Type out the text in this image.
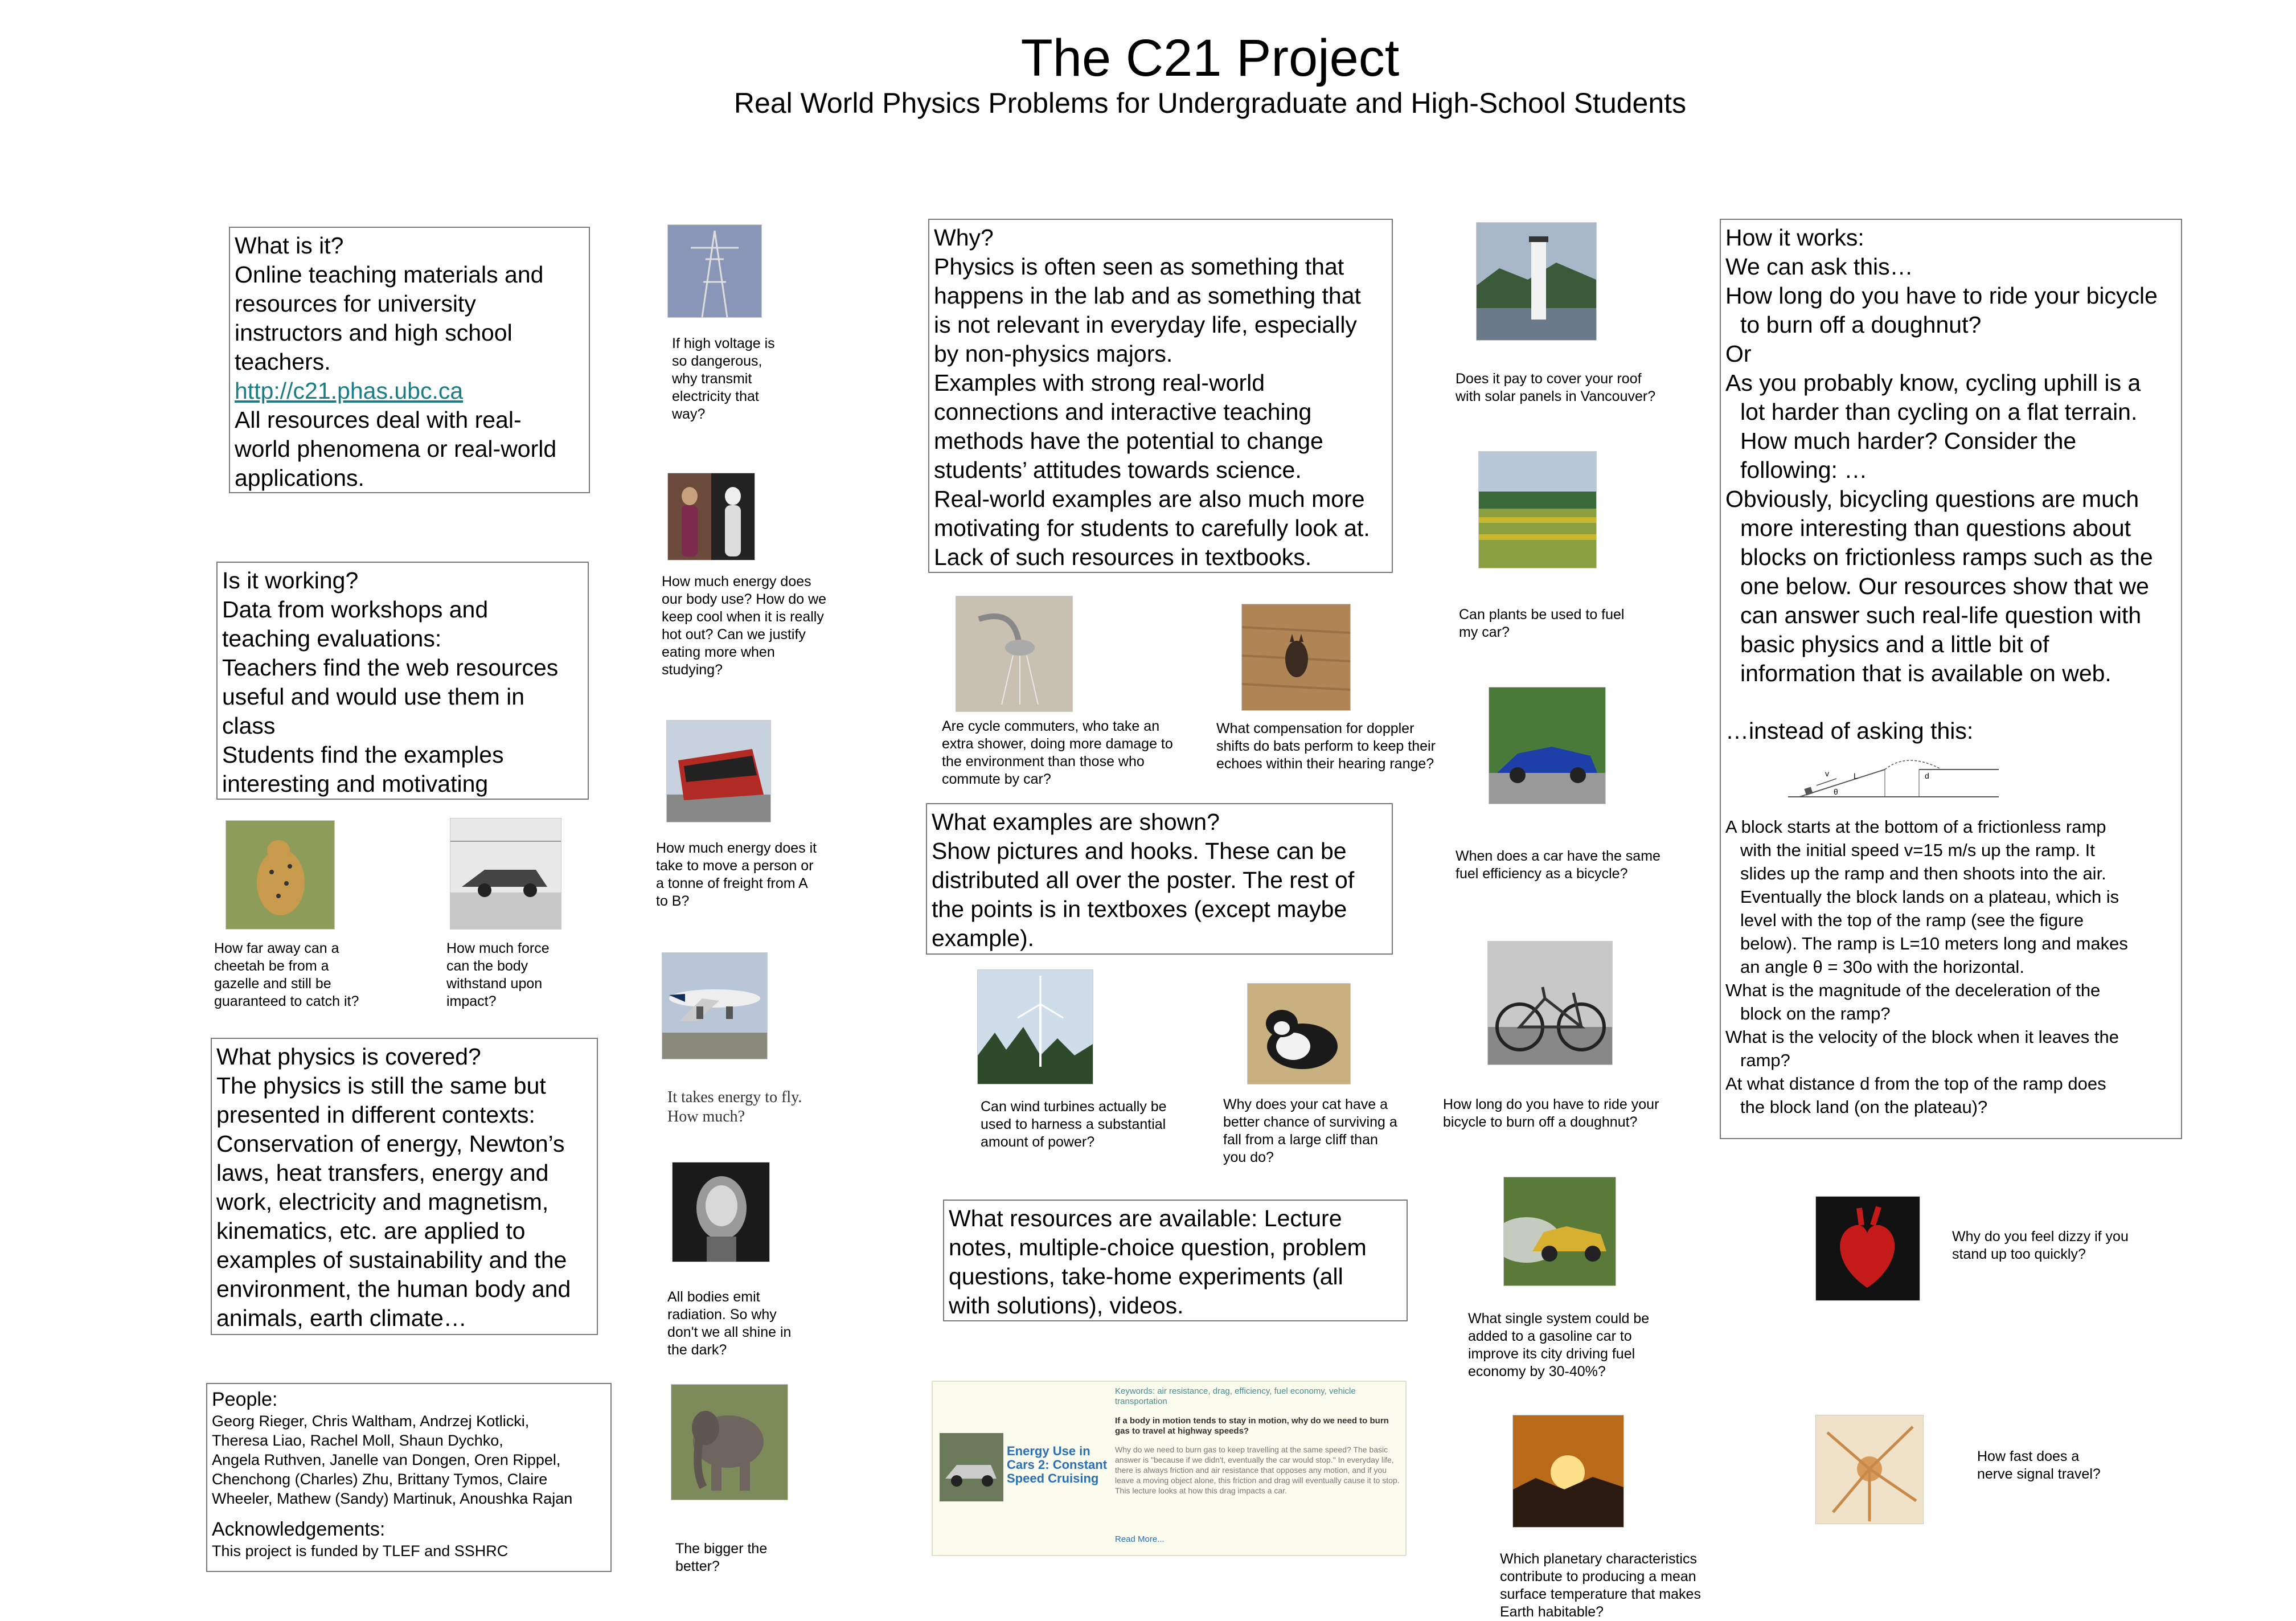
The C21 Project
Real World Physics Problems for Undergraduate and High-School Students
What is it?
Online teaching materials and
resources for university
instructors and high school
teachers.
http://c21.phas.ubc.ca
All resources deal with real-
world phenomena or real-world
applications.
Is it working?
Data from workshops and
teaching evaluations:
Teachers find the web resources
useful and would use them in
class
Students find the examples
interesting and motivating
What physics is covered?
The physics is still the same but
presented in different contexts:
Conservation of energy, Newton’s
laws, heat transfers, energy and
work, electricity and magnetism,
kinematics, etc. are applied to
examples of sustainability and the
environment, the human body and
animals, earth climate…
People:
Georg Rieger, Chris Waltham, Andrzej Kotlicki,
Theresa Liao, Rachel Moll, Shaun Dychko,
Angela Ruthven, Janelle van Dongen, Oren Rippel,
Chenchong (Charles) Zhu, Brittany Tymos, Claire
Wheeler, Mathew (Sandy) Martinuk, Anoushka Rajan
Acknowledgements:
This project is funded by TLEF and SSHRC
Why?
Physics is often seen as something that
happens in the lab and as something that
is not relevant in everyday life, especially
by non-physics majors.
Examples with strong real-world
connections and interactive teaching
methods have the potential to change
students’ attitudes towards science.
Real-world examples are also much more
motivating for students to carefully look at.
Lack of such resources in textbooks.
What examples are shown?
Show pictures and hooks. These can be
distributed all over the poster. The rest of
the points is in textboxes (except maybe
example).
What resources are available: Lecture
notes, multiple-choice question, problem
questions, take-home experiments (all
with solutions), videos.
How it works:
We can ask this…
How long do you have to ride your bicycle
to burn off a doughnut?
Or
As you probably know, cycling uphill is a
lot harder than cycling on a flat terrain.
How much harder? Consider the
following: …
Obviously, bicycling questions are much
more interesting than questions about
blocks on frictionless ramps such as the
one below. Our resources show that we
can answer such real-life question with
basic physics and a little bit of
information that is available on web.
…instead of asking this:
v	L
θ
d
A block starts at the bottom of a frictionless ramp
with the initial speed v=15 m/s up the ramp. It
slides up the ramp and then shoots into the air.
Eventually the block lands on a plateau, which is
level with the top of the ramp (see the figure
below). The ramp is L=10 meters long and makes
an angle θ = 30o with the horizontal.
What is the magnitude of the deceleration of the
block on the ramp?
What is the velocity of the block when it leaves the
ramp?
At what distance d from the top of the ramp does
the block land (on the plateau)?
If high voltage is
so dangerous,
why transmit
electricity that
way?
How much energy does
our body use? How do we
keep cool when it is really
hot out? Can we justify
eating more when
studying?
How much energy does it
take to move a person or
a tonne of freight from A
to B?
It takes energy to fly.
How much?
All bodies emit
radiation. So why
don't we all shine in
the dark?
The bigger the
better?
How far away can a
cheetah be from a
gazelle and still be
guaranteed to catch it?
How much force
can the body
withstand upon
impact?
Are cycle commuters, who take an
extra shower, doing more damage to
the environment than those who
commute by car?
What compensation for doppler
shifts do bats perform to keep their
echoes within their hearing range?
Can wind turbines actually be
used to harness a substantial
amount of power?
Why does your cat have a
better chance of surviving a
fall from a large cliff than
you do?
Energy Use in Cars 2: Constant Speed Cruising
Keywords: air resistance, drag, efficiency, fuel economy, vehicle transportation
If a body in motion tends to stay in motion, why do we need to burn gas to travel at highway speeds?
Why do we need to burn gas to keep travelling at the same speed? The basic answer is "because if we didn't, eventually the car would stop." In everyday life, there is always friction and air resistance that opposes any motion, and if you leave a moving object alone, this friction and drag will eventually cause it to stop. This lecture looks at how this drag impacts a car.
Read More...
Does it pay to cover your roof
with solar panels in Vancouver?
Can plants be used to fuel
my car?
When does a car have the same
fuel efficiency as a bicycle?
How long do you have to ride your
bicycle to burn off a doughnut?
What single system could be
added to a gasoline car to
improve its city driving fuel
economy by 30-40%?
Which planetary characteristics
contribute to producing a mean
surface temperature that makes
Earth habitable?
Why do you feel dizzy if you
stand up too quickly?
How fast does a
nerve signal travel?
